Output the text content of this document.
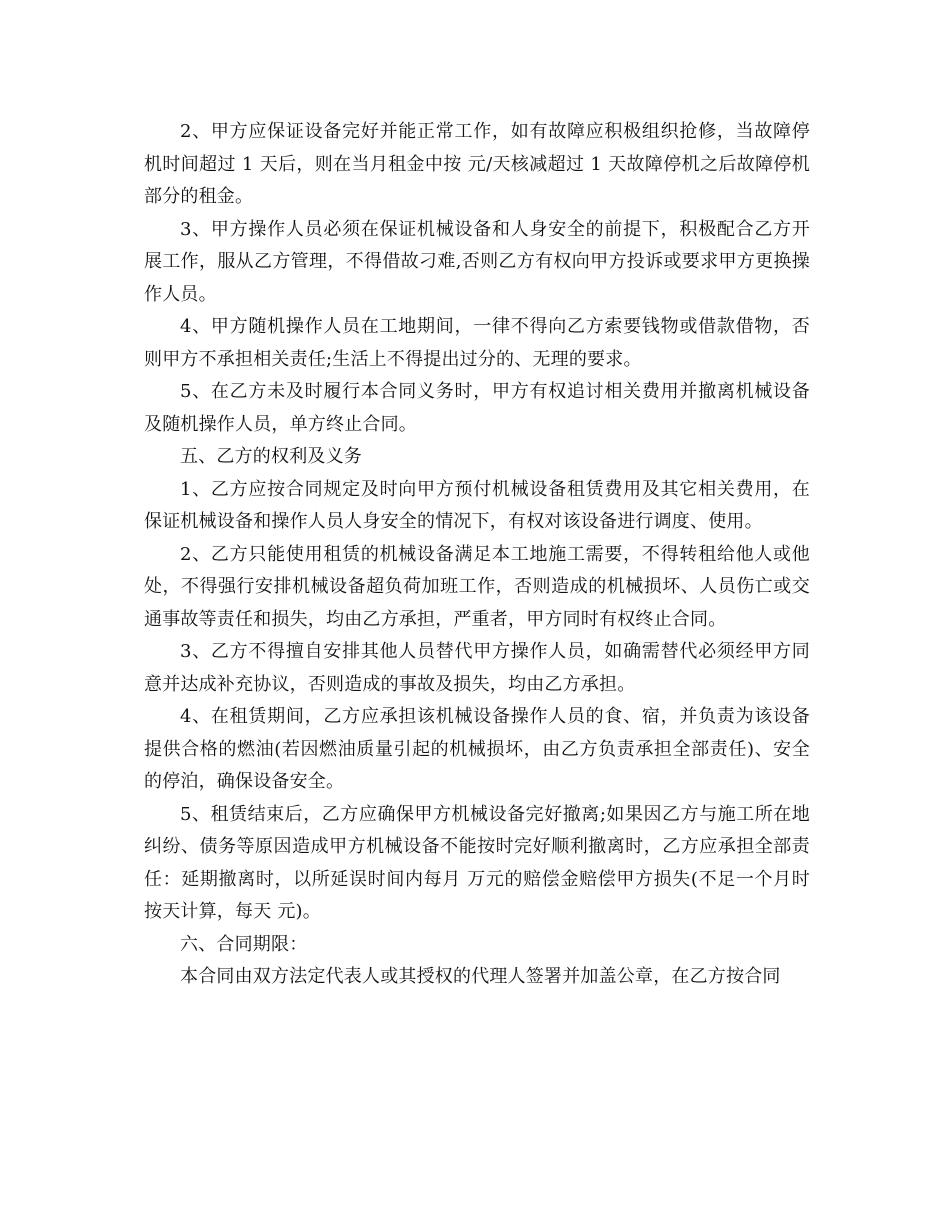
2、甲方应保证设备完好并能正常工作，如有故障应积极组织抢修，当故障停机时间超过 1 天后，则在当月租金中按 元/天核减超过 1 天故障停机之后故障停机部分的租金。

3、甲方操作人员必须在保证机械设备和人身安全的前提下，积极配合乙方开展工作，服从乙方管理，不得借故刁难,否则乙方有权向甲方投诉或要求甲方更换操作人员。

4、甲方随机操作人员在工地期间，一律不得向乙方索要钱物或借款借物，否则甲方不承担相关责任;生活上不得提出过分的、无理的要求。

5、在乙方未及时履行本合同义务时，甲方有权追讨相关费用并撤离机械设备及随机操作人员，单方终止合同。

五、乙方的权利及义务

1、乙方应按合同规定及时向甲方预付机械设备租赁费用及其它相关费用，在保证机械设备和操作人员人身安全的情况下，有权对该设备进行调度、使用。

2、乙方只能使用租赁的机械设备满足本工地施工需要，不得转租给他人或他处，不得强行安排机械设备超负荷加班工作，否则造成的机械损坏、人员伤亡或交通事故等责任和损失，均由乙方承担，严重者，甲方同时有权终止合同。

3、乙方不得擅自安排其他人员替代甲方操作人员，如确需替代必须经甲方同意并达成补充协议，否则造成的事故及损失，均由乙方承担。

4、在租赁期间，乙方应承担该机械设备操作人员的食、宿，并负责为该设备提供合格的燃油(若因燃油质量引起的机械损坏，由乙方负责承担全部责任)、安全的停泊，确保设备安全。

5、租赁结束后，乙方应确保甲方机械设备完好撤离;如果因乙方与施工所在地纠纷、债务等原因造成甲方机械设备不能按时完好顺利撤离时，乙方应承担全部责任：延期撤离时，以所延误时间内每月 万元的赔偿金赔偿甲方损失(不足一个月时按天计算，每天 元)。

六、合同期限：

本合同由双方法定代表人或其授权的代理人签署并加盖公章，在乙方按合同
